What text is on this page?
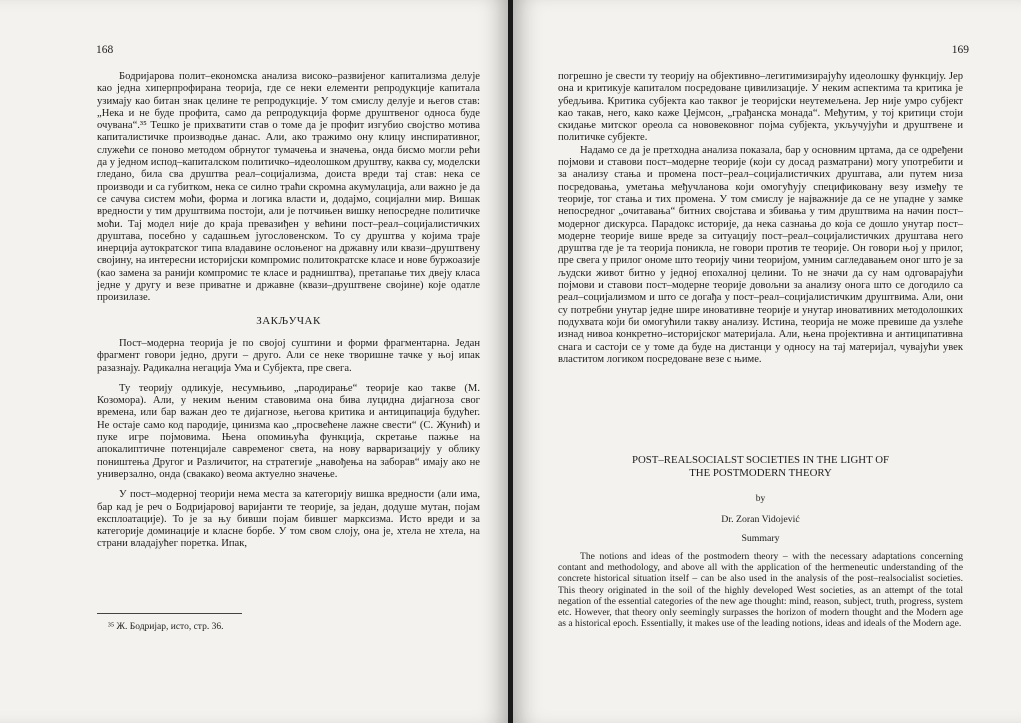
168

Бодријарова полит–економска анализа високо–развијеног капитализма делује као једна хиперпрофирана теорија, где се неки елементи репродукције капитала узимају као битан знак целине те репродукције. У том смислу делује и његов став: „Нека и не буде профита, само да репродукција форме друштвеног односа буде очувана“.³⁵ Тешко је прихватити став о томе да је профит изгубио својство мотива капиталистичке производње данас. Али, ако тражимо ону клицу инспиративног, служећи се поново методом обрнутог тумачења и значења, онда бисмо могли рећи да у једном испод–капиталском политичко–идеолошком друштву, каква су, моделски гледано, била сва друштва реал–социјализма, доиста вреди тај став: нека се производи и са губитком, нека се силно траћи скромна акумулација, али важно је да се сачува систем моћи, форма и логика власти и, додајмо, социјални мир. Вишак вредности у тим друштвима постоји, али је потчињен вишку непосредне политичке моћи. Тај модел није до краја превазиђен у већини пост–реал–социјалистичких друштава, посебно у садашњем југословенском. То су друштва у којима траје инерција аутократског типа владавине ослоњеног на државну или квази–друштвену својину, на интересни историјски компромис политократске класе и нове буржоазије (као замена за ранији компромис те класе и радништва), претапање тих двеју класа једне у другу и везе приватне и државне (квази–друштвене својине) које одатле произилазе.

ЗАКЉУЧАК

Пост–модерна теорија је по својој суштини и форми фрагментарна. Један фрагмент говори једно, други – друго. Али се неке творишне тачке у њој ипак разазнају. Радикална негација Ума и Субјекта, пре свега.

Ту теорију одликује, несумњиво, „пародирање“ теорије као такве (М. Козомора). Али, у неким њеним ставовима она бива луцидна дијагноза свог времена, или бар важан део те дијагнозе, његова критика и антиципација будућег. Не остаје само код пародије, цинизма као „просвећене лажне свести“ (С. Жунић) и пуке игре појмовима. Њена опомињућа функција, скретање пажње на апокалиптичне потенцијале савременог света, на нову варваризацију у облику поништења Другог и Различитог, на стратегије „навођења на заборав“ имају ако не универзално, онда (свакако) веома актуелно значење.

У пост–модерној теорији нема места за категорију вишка вредности (али има, бар кад је реч о Бодријаровој варијанти те теорије, за један, додуше мутан, појам експлоатације). То је за њу бивши појам бившег марксизма. Исто вреди и за категорије доминације и класне борбе. У том свом слоју, она је, хтела не хтела, на страни владајућег поретка. Ипак,

³⁵ Ж. Бодријар, исто, стр. 36.
169

погрешно је свести ту теорију на објективно–легитимизирајућу идеолошку функцију. Јер она и критикује капиталом посредоване цивилизације. У неким аспектима та критика је убедљива. Критика субјекта као таквог је теоријски неутемељена. Јер није умро субјект као такав, него, како каже Џејмсон, „грађанска монада“. Међутим, у тој критици стоји скидање митског ореола са нововековног појма субјекта, укључујући и друштвене и политичке субјекте.

Надамо се да је претходна анализа показала, бар у основним цртама, да се одређени појмови и ставови пост–модерне теорије (који су досад разматрани) могу употребити и за анализу стања и промена пост–реал–социјалистичких друштава, али путем низа посредовања, уметања међучланова који омогућују спецификовану везу између те теорије, тог стања и тих промена. У том смислу је најважније да се не упадне у замке непосредног „очитавања“ битних својстава и збивања у тим друштвима на начин пост–модерног дискурса. Парадокс историје, да нека сазнања до која се дошло унутар пост–модерне теорије више вреде за ситуацију пост–реал–социјалистичких друштава него друштва где је та теорија поникла, не говори против те теорије. Он говори њој у прилог, пре свега у прилог ономе што теорију чини теоријом, умним сагледавањем оног што је за људски живот битно у једној епохалној целини. То не значи да су нам одговарајући појмови и ставови пост–модерне теорије довољни за анализу онога што се догодило са реал–социјализмом и што се догађа у пост–реал–социјалистичким друштвима. Али, они су потребни унутар једне шире иновативне теорије и унутар иновативних методолошких подухвата који би омогућили такву анализу. Истина, теорија не може превише да узлеће изнад нивоа конкретно–историјског материјала. Али, њена пројективна и антиципативна снага и састоји се у томе да буде на дистанци у односу на тај материјал, чувајући увек властитом логиком посредоване везе с њиме.

POST–REALSOCIALST SOCIETIES IN THE LIGHT OF
THE POSTMODERN THEORY
by
Dr. Zoran Vidojević
Summary

The notions and ideas of the postmodern theory – with the necessary adaptations concerning contant and methodology, and above all with the application of the hermeneutic understanding of the concrete historical situation itself – can be also used in the analysis of the post–realsocialist societies. This theory originated in the soil of the highly developed West societies, as an attempt of the total negation of the essential categories of the new age thought: mind, reason, subject, truth, progress, system etc. However, that theory only seemingly surpasses the horizon of modern thought and the Modern age as a historical epoch. Essentially, it makes use of the leading notions, ideas and ideals of the Modern age.
